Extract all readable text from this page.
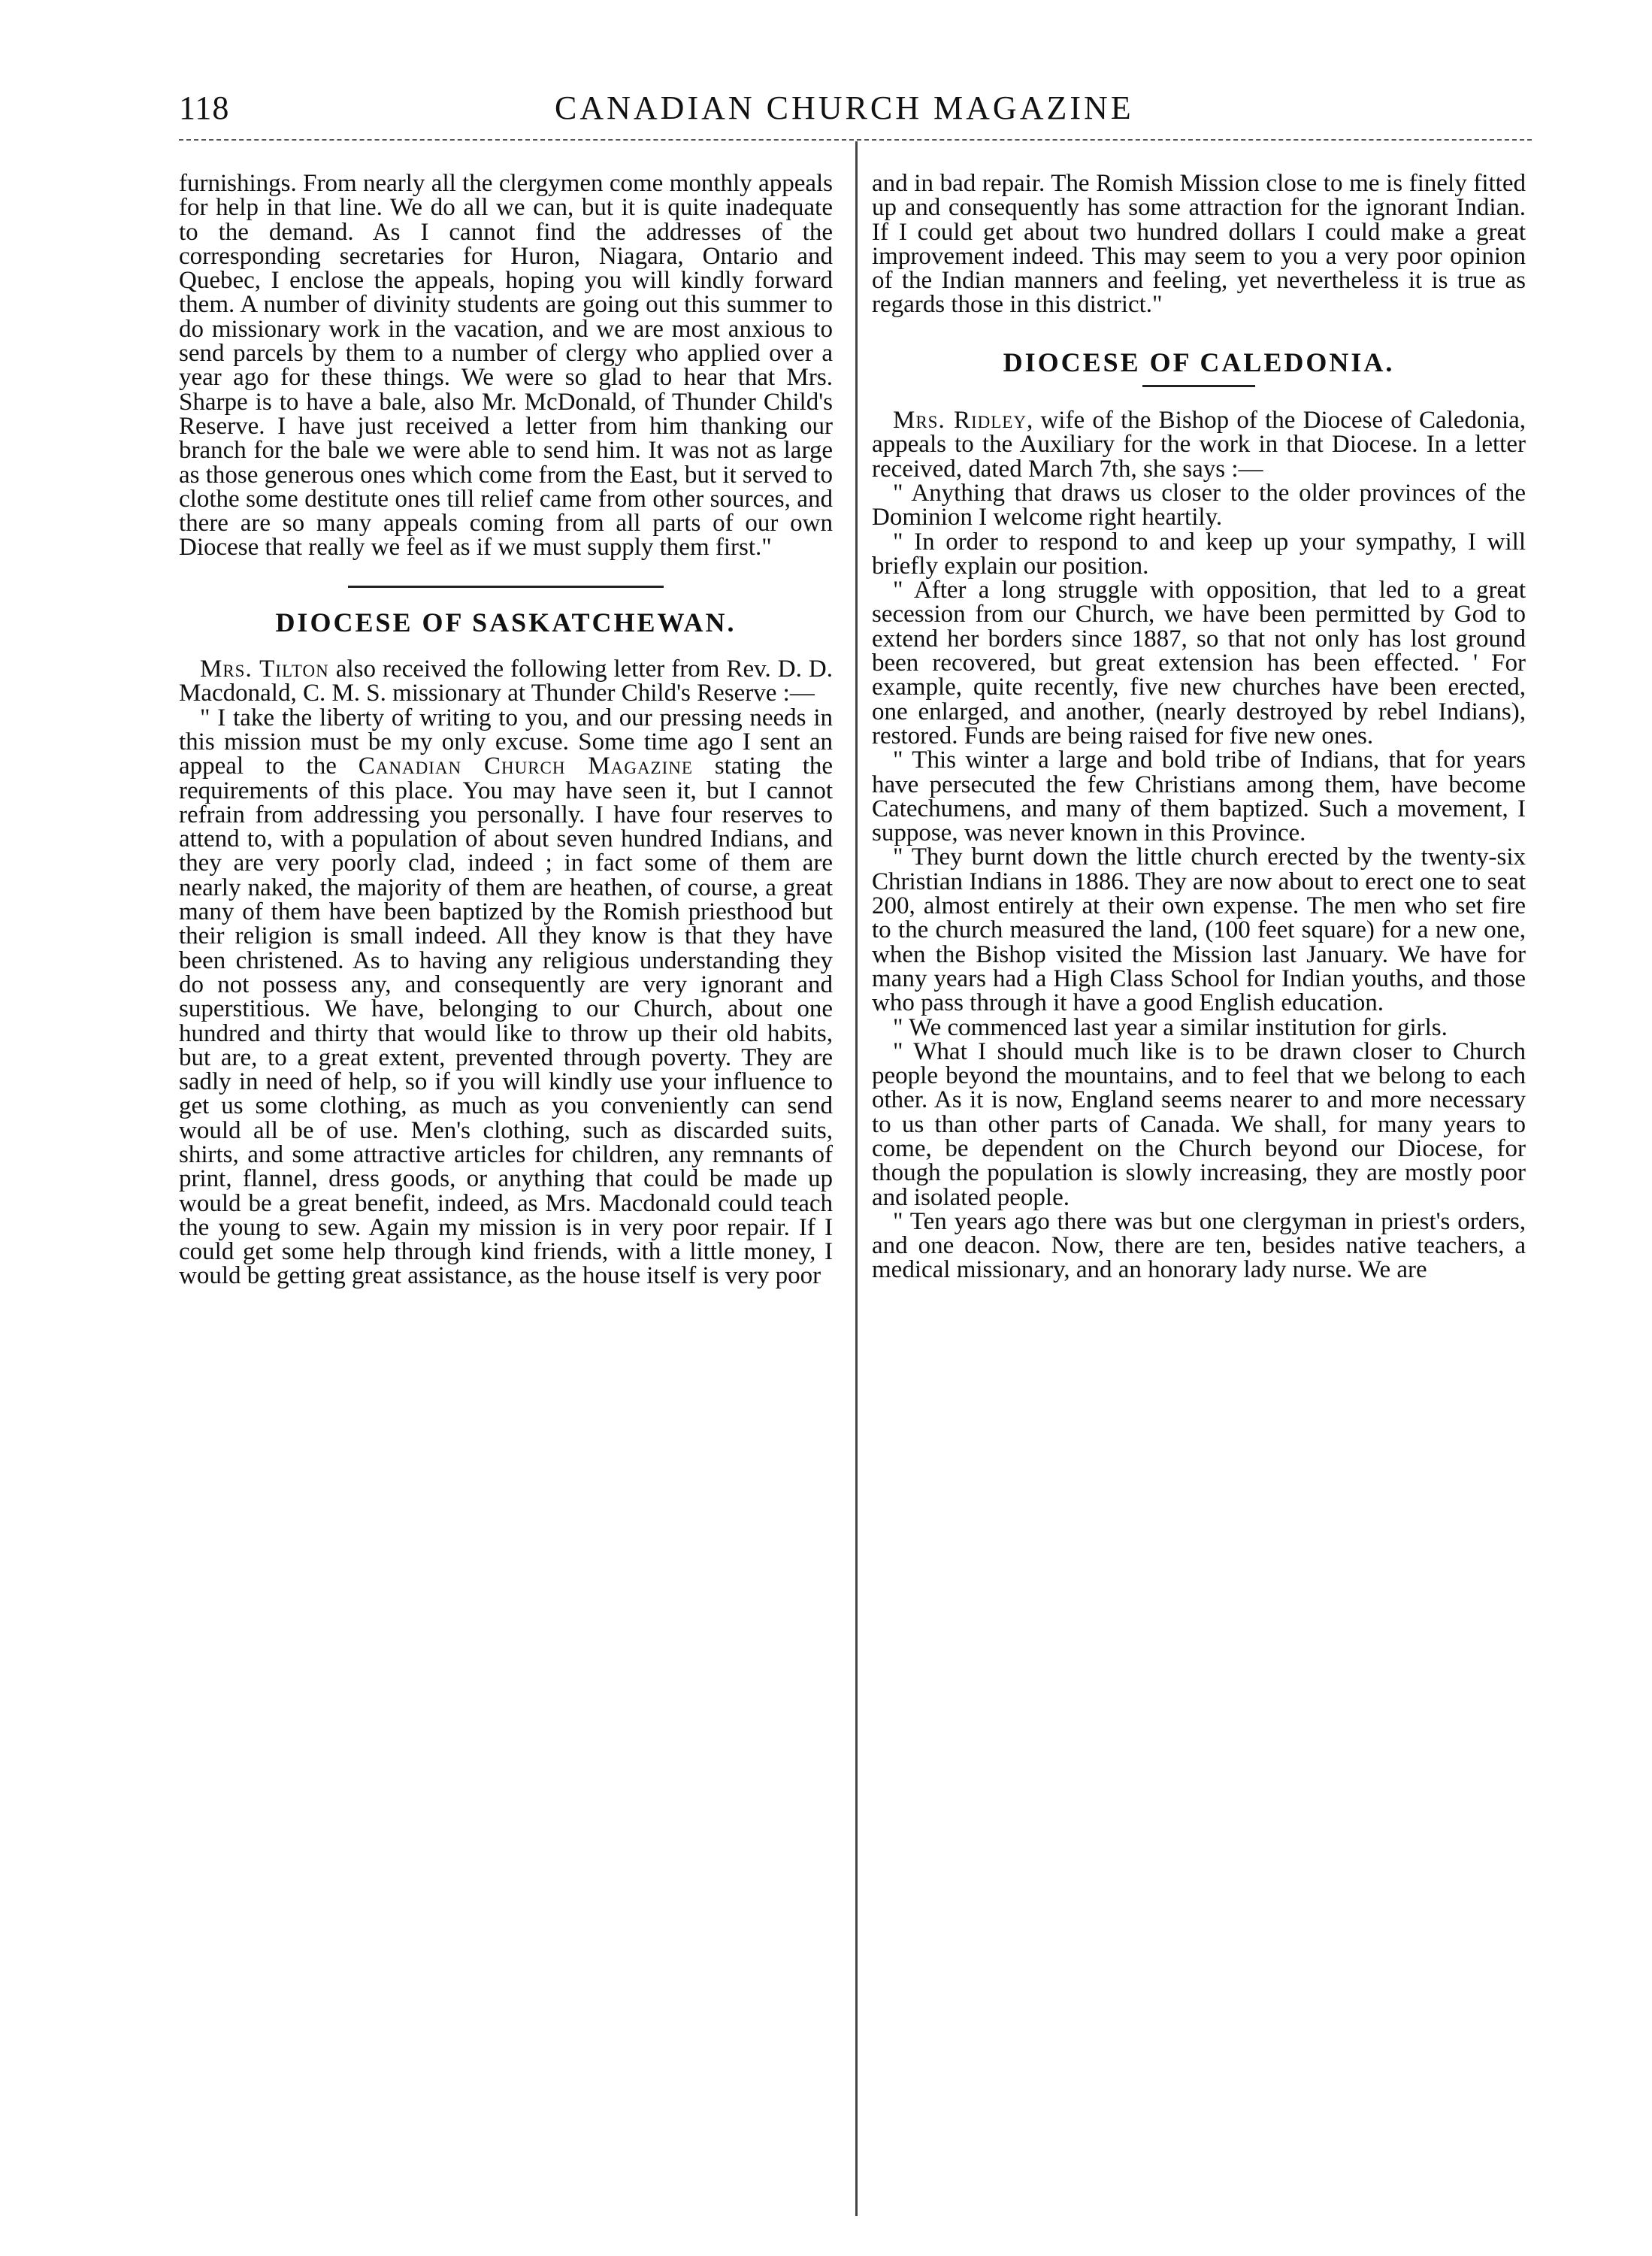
118	CANADIAN CHURCH MAGAZINE

furnishings. From nearly all the clergymen come monthly appeals for help in that line. We do all we can, but it is quite inadequate to the demand. As I cannot find the addresses of the corresponding secretaries for Huron, Niagara, Ontario and Quebec, I enclose the appeals, hoping you will kindly forward them. A number of divinity students are going out this summer to do missionary work in the vacation, and we are most anxious to send parcels by them to a number of clergy who applied over a year ago for these things. We were so glad to hear that Mrs. Sharpe is to have a bale, also Mr. McDonald, of Thunder Child's Reserve. I have just received a letter from him thanking our branch for the bale we were able to send him. It was not as large as those generous ones which come from the East, but it served to clothe some destitute ones till relief came from other sources, and there are so many appeals coming from all parts of our own Diocese that really we feel as if we must supply them first."

DIOCESE OF SASKATCHEWAN.

Mrs. Tilton also received the following letter from Rev. D. D. Macdonald, C. M. S. missionary at Thunder Child's Reserve :—

" I take the liberty of writing to you, and our pressing needs in this mission must be my only excuse. Some time ago I sent an appeal to the Canadian Church Magazine stating the requirements of this place. You may have seen it, but I cannot refrain from addressing you personally. I have four reserves to attend to, with a population of about seven hundred Indians, and they are very poorly clad, indeed ; in fact some of them are nearly naked, the majority of them are heathen, of course, a great many of them have been baptized by the Romish priesthood but their religion is small indeed. All they know is that they have been christened. As to having any religious understanding they do not possess any, and consequently are very ignorant and superstitious. We have, belonging to our Church, about one hundred and thirty that would like to throw up their old habits, but are, to a great extent, prevented through poverty. They are sadly in need of help, so if you will kindly use your influence to get us some clothing, as much as you conveniently can send would all be of use. Men's clothing, such as discarded suits, shirts, and some attractive articles for children, any remnants of print, flannel, dress goods, or anything that could be made up would be a great benefit, indeed, as Mrs. Macdonald could teach the young to sew. Again my mission is in very poor repair. If I could get some help through kind friends, with a little money, I would be getting great assistance, as the house itself is very poor

and in bad repair. The Romish Mission close to me is finely fitted up and consequently has some attraction for the ignorant Indian. If I could get about two hundred dollars I could make a great improvement indeed. This may seem to you a very poor opinion of the Indian manners and feeling, yet nevertheless it is true as regards those in this district."

DIOCESE OF CALEDONIA.

Mrs. Ridley, wife of the Bishop of the Diocese of Caledonia, appeals to the Auxiliary for the work in that Diocese. In a letter received, dated March 7th, she says :—

" Anything that draws us closer to the older provinces of the Dominion I welcome right heartily.

" In order to respond to and keep up your sympathy, I will briefly explain our position.

" After a long struggle with opposition, that led to a great secession from our Church, we have been permitted by God to extend her borders since 1887, so that not only has lost ground been recovered, but great extension has been effected. ' For example, quite recently, five new churches have been erected, one enlarged, and another, (nearly destroyed by rebel Indians), restored. Funds are being raised for five new ones.

" This winter a large and bold tribe of Indians, that for years have persecuted the few Christians among them, have become Catechumens, and many of them baptized. Such a movement, I suppose, was never known in this Province.

" They burnt down the little church erected by the twenty-six Christian Indians in 1886. They are now about to erect one to seat 200, almost entirely at their own expense. The men who set fire to the church measured the land, (100 feet square) for a new one, when the Bishop visited the Mission last January. We have for many years had a High Class School for Indian youths, and those who pass through it have a good English education.

" We commenced last year a similar institution for girls.

" What I should much like is to be drawn closer to Church people beyond the mountains, and to feel that we belong to each other. As it is now, England seems nearer to and more necessary to us than other parts of Canada. We shall, for many years to come, be dependent on the Church beyond our Diocese, for though the population is slowly increasing, they are mostly poor and isolated people.

" Ten years ago there was but one clergyman in priest's orders, and one deacon. Now, there are ten, besides native teachers, a medical missionary, and an honorary lady nurse. We are
